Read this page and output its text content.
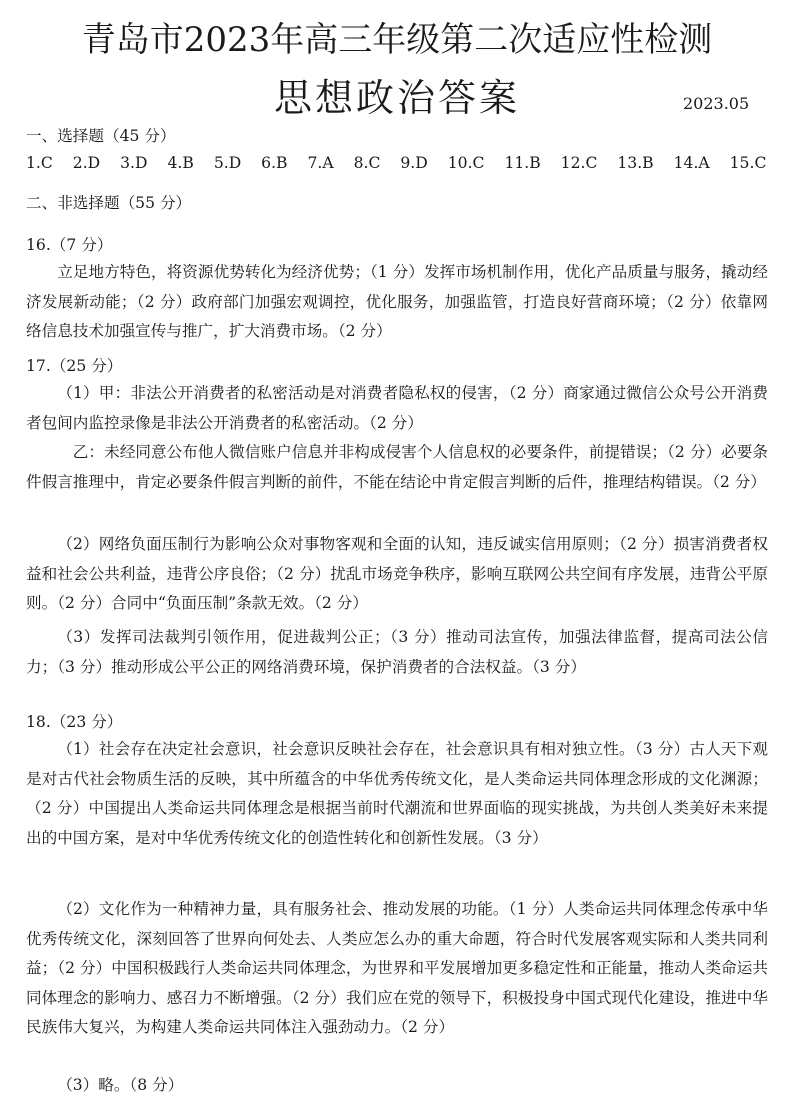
青岛市2023年高三年级第二次适应性检测
思想政治答案	2023.05
一、选择题（45 分）
1.C 2.D 3.D 4.B 5.D 6.B 7.A 8.C 9.D 10.C 11.B 12.C 13.B 14.A 15.C
二、非选择题（55 分）
16.（7 分）
立足地方特色，将资源优势转化为经济优势；（1 分）发挥市场机制作用，优化产品质量与服务，撬动经济发展新动能；（2 分）政府部门加强宏观调控，优化服务，加强监管，打造良好营商环境；（2 分）依靠网络信息技术加强宣传与推广，扩大消费市场。（2 分）
17.（25 分）
（1）甲：非法公开消费者的私密活动是对消费者隐私权的侵害，（2 分）商家通过微信公众号公开消费者包间内监控录像是非法公开消费者的私密活动。（2 分）
乙：未经同意公布他人微信账户信息并非构成侵害个人信息权的必要条件，前提错误；（2 分）必要条件假言推理中，肯定必要条件假言判断的前件，不能在结论中肯定假言判断的后件，推理结构错误。（2 分）
（2）网络负面压制行为影响公众对事物客观和全面的认知，违反诚实信用原则；（2 分）损害消费者权益和社会公共利益，违背公序良俗；（2 分）扰乱市场竞争秩序，影响互联网公共空间有序发展，违背公平原则。（2 分）合同中“负面压制”条款无效。（2 分）
（3）发挥司法裁判引领作用，促进裁判公正；（3 分）推动司法宣传，加强法律监督，提高司法公信力；（3 分）推动形成公平公正的网络消费环境，保护消费者的合法权益。（3 分）
18.（23 分）
（1）社会存在决定社会意识，社会意识反映社会存在，社会意识具有相对独立性。（3 分）古人天下观是对古代社会物质生活的反映，其中所蕴含的中华优秀传统文化，是人类命运共同体理念形成的文化渊源；（2 分）中国提出人类命运共同体理念是根据当前时代潮流和世界面临的现实挑战，为共创人类美好未来提出的中国方案，是对中华优秀传统文化的创造性转化和创新性发展。（3 分）
（2）文化作为一种精神力量，具有服务社会、推动发展的功能。（1 分）人类命运共同体理念传承中华优秀传统文化，深刻回答了世界向何处去、人类应怎么办的重大命题，符合时代发展客观实际和人类共同利益；（2 分）中国积极践行人类命运共同体理念，为世界和平发展增加更多稳定性和正能量，推动人类命运共同体理念的影响力、感召力不断增强。（2 分）我们应在党的领导下，积极投身中国式现代化建设，推进中华民族伟大复兴，为构建人类命运共同体注入强劲动力。（2 分）
（3）略。（8 分）
